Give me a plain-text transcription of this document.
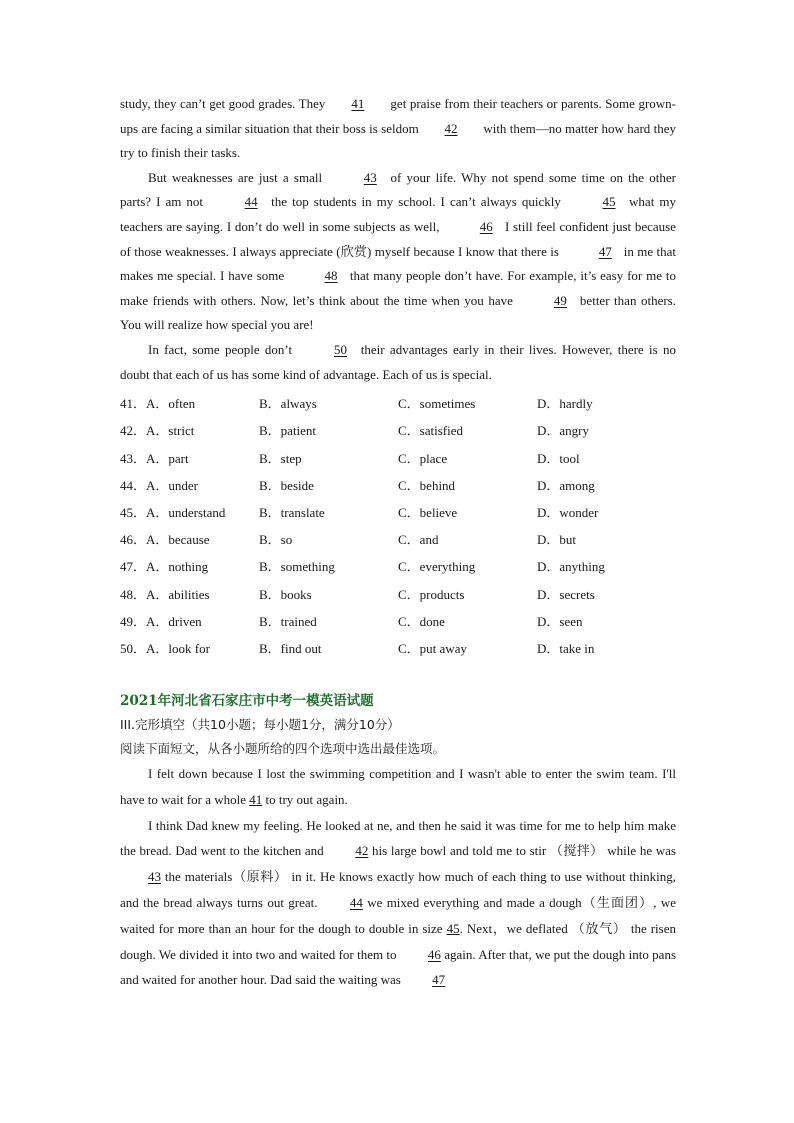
study, they can’t get good grades. They 41 get praise from their teachers or parents. Some grown-ups are facing a similar situation that their boss is seldom 42 with them—no matter how hard they try to finish their tasks.

But weaknesses are just a small	43 of your life. Why not spend some time on the other parts? I am not	44 the top students in my school. I can’t always quickly	45 what my teachers are saying. I don’t do well in some subjects as well,	46 I still feel confident just because of those weaknesses. I always appreciate (欣赏) myself because I know that there is	47 in me that makes me special. I have some	48 that many people don’t have. For example, it’s easy for me to make friends with others. Now, let’s think about the time when you have	49 better than others. You will realize how special you are!

In fact, some people don’t	50 their advantages early in their lives. However, there is no doubt that each of us has some kind of advantage. Each of us is special.

41．A．often	B．always	C．sometimes	D．hardly
42．A．strict	B．patient	C．satisfied	D．angry
43．A．part	B．step	C．place	D．tool
44．A．under	B．beside	C．behind	D．among
45．A．understand	B．translate	C．believe	D．wonder
46．A．because	B．so	C．and	D．but
47．A．nothing	B．something	C．everything	D．anything
48．A．abilities	B．books	C．products	D．secrets
49．A．driven	B．trained	C．done	D．seen
50．A．look for	B．find out	C．put away	D．take in
2021年河北省石家庄市中考一模英语试题
III.完形填空（共10小题；每小题1分，满分10分）
阅读下面短文，从各小题所给的四个选项中选出最佳选项。

I felt down because I lost the swimming competition and I wasn't able to enter the swim team. I'll have to wait for a whole 41 to try out again.

I think Dad knew my feeling. He looked at ne, and then he said it was time for me to help him make the bread. Dad went to the kitchen and 42 his large bowl and told me to stir （搅拌） while he was 43 the materials（原料） in it. He knows exactly how much of each thing to use without thinking, and the bread always turns out great. 44 we mixed everything and made a dough（生面团）, we waited for more than an hour for the dough to double in size 45. Next，we deflated （放气） the risen dough. We divided it into two and waited for them to 46 again. After that, we put the dough into pans and waited for another hour. Dad said the waiting was 47
